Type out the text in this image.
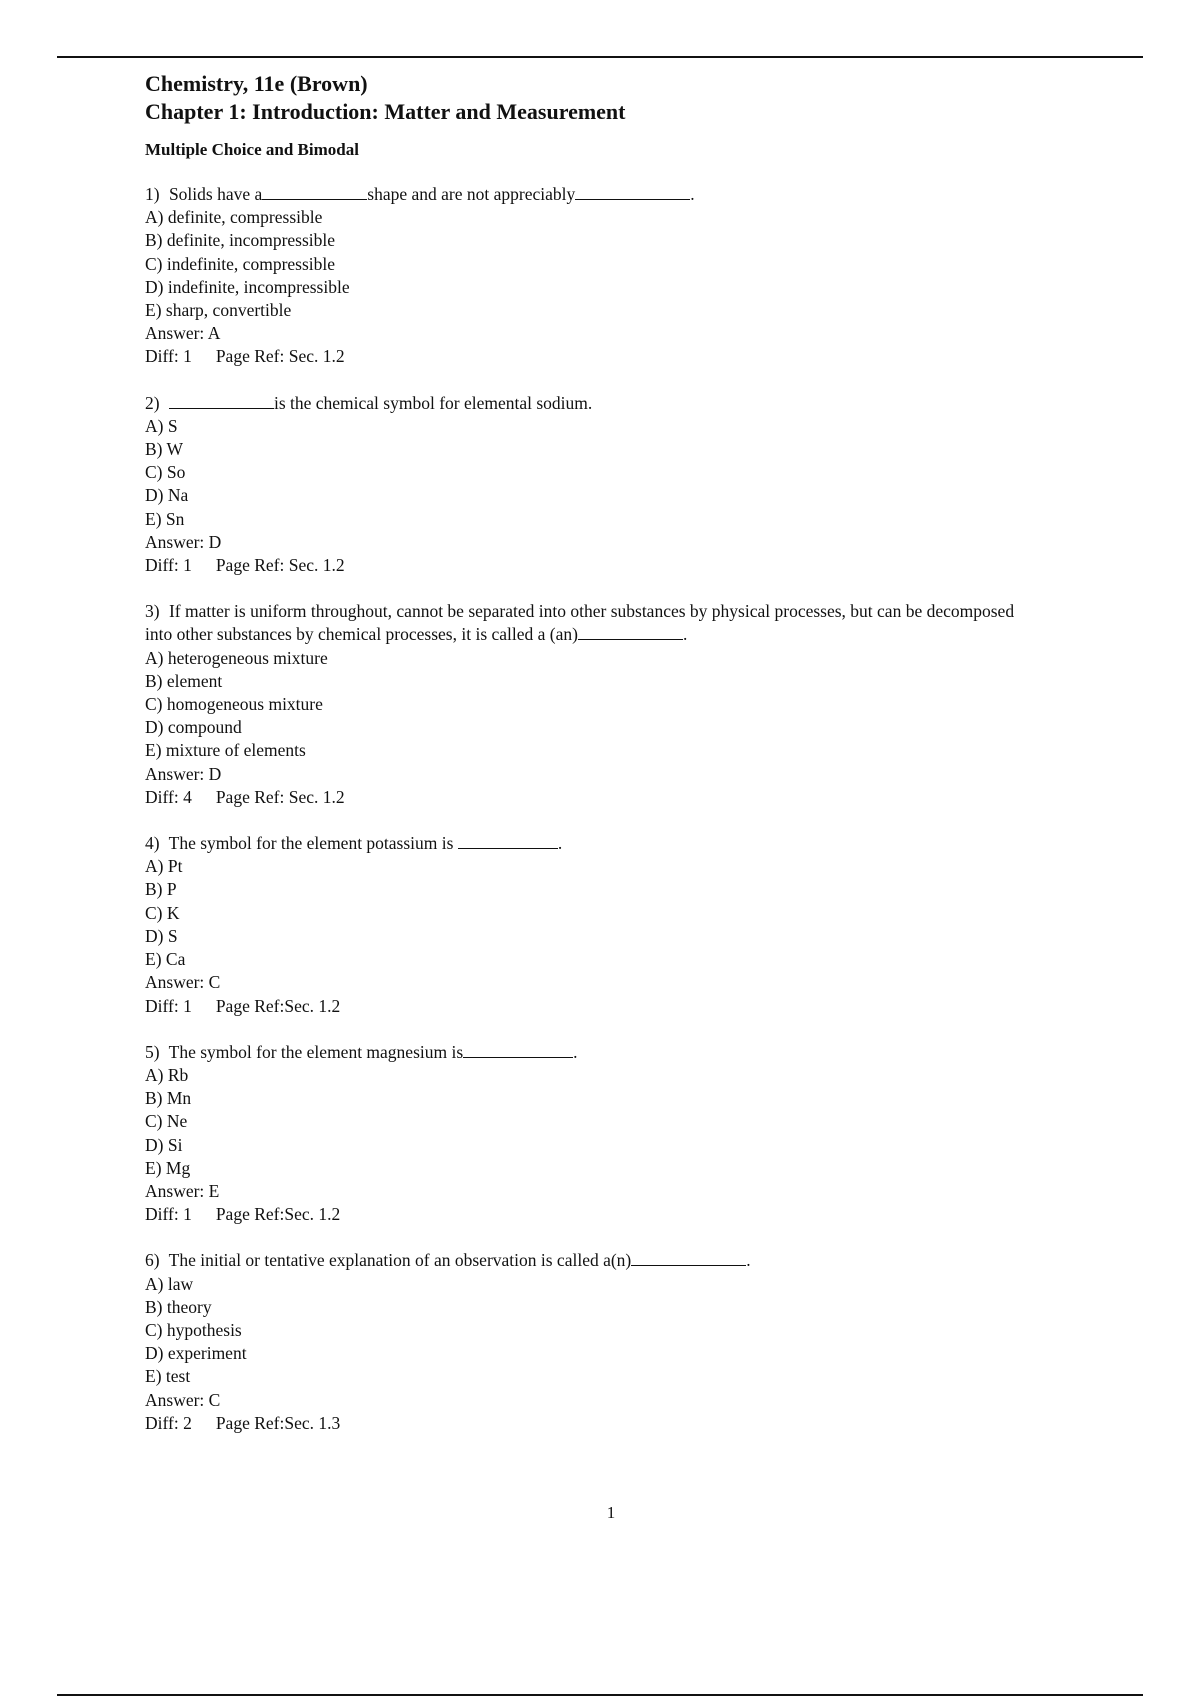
Chemistry, 11e (Brown)
Chapter 1: Introduction: Matter and Measurement
Multiple Choice and Bimodal
1) Solids have a	shape and are not appreciably	.
A) definite, compressible
B) definite, incompressible
C) indefinite, compressible
D) indefinite, incompressible
E) sharp, convertible
Answer: A
Diff: 1 Page Ref: Sec. 1.2
2)	is the chemical symbol for elemental sodium.
A) S
B) W
C) So
D) Na
E) Sn
Answer: D
Diff: 1 Page Ref: Sec. 1.2
3) If matter is uniform throughout, cannot be separated into other substances by physical processes, but can be decomposed into other substances by chemical processes, it is called a (an)	.
A) heterogeneous mixture
B) element
C) homogeneous mixture
D) compound
E) mixture of elements
Answer: D
Diff: 4 Page Ref: Sec. 1.2
4) The symbol for the element potassium is	.
A) Pt
B) P
C) K
D) S
E) Ca
Answer: C
Diff: 1 Page Ref:Sec. 1.2
5) The symbol for the element magnesium is	.
A) Rb
B) Mn
C) Ne
D) Si
E) Mg
Answer: E
Diff: 1 Page Ref:Sec. 1.2
6) The initial or tentative explanation of an observation is called a(n)	.
A) law
B) theory
C) hypothesis
D) experiment
E) test
Answer: C
Diff: 2 Page Ref:Sec. 1.3
1
